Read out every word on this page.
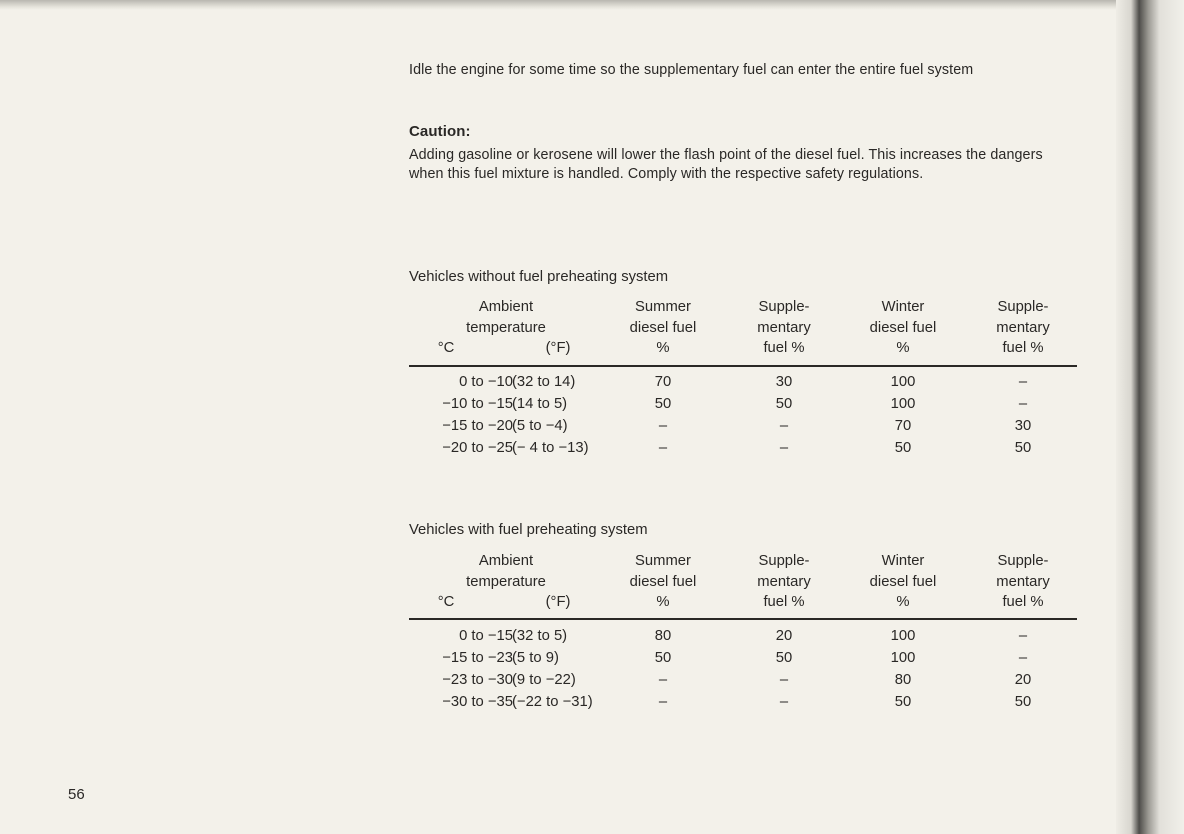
Idle the engine for some time so the supplementary fuel can enter the entire fuel system

Caution:

Adding gasoline or kerosene will lower the flash point of the diesel fuel. This increases the dangers when this fuel mixture is handled. Comply with the respective safety regulations.

Vehicles without fuel preheating system

Ambient
temperature
°C	(°F)
Summer
diesel fuel
%
Supple-
mentary
fuel %
Winter
diesel fuel
%
Supple-
mentary
fuel %
0 to −10 (32 to 14)	70	30	100	–
−10 to −15 (14 to 5)	50	50	100	–
−15 to −20 (5 to −4)	–	–	70	30
−20 to −25 (− 4 to −13)	–	–	50	50

Vehicles with fuel preheating system

Ambient
temperature
°C	(°F)
Summer
diesel fuel
%
Supple-
mentary
fuel %
Winter
diesel fuel
%
Supple-
mentary
fuel %
0 to −15 (32 to 5)	80	20	100	–
−15 to −23 (5 to 9)	50	50	100	–
−23 to −30 (9 to −22)	–	–	80	20
−30 to −35 (−22 to −31)	–	–	50	50
56
